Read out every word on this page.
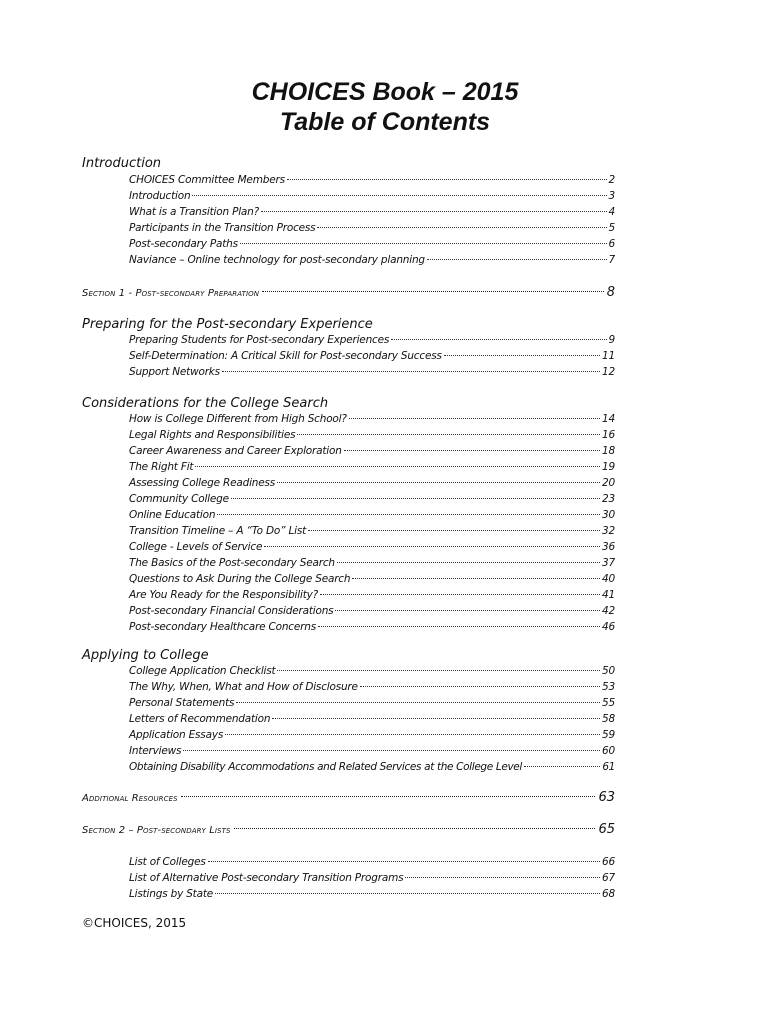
CHOICES Book – 2015
Table of Contents

Introduction

CHOICES Committee Members	2
Introduction	3
What is a Transition Plan?	4
Participants in the Transition Process	5
Post-secondary Paths	6
Naviance – Online technology for post-secondary planning	7
Section 1 - Post-secondary Preparation	8

Preparing for the Post-secondary Experience

Preparing Students for Post-secondary Experiences	9
Self-Determination: A Critical Skill for Post-secondary Success	11
Support Networks	12

Considerations for the College Search

How is College Different from High School?	14
Legal Rights and Responsibilities	16
Career Awareness and Career Exploration	18
The Right Fit	19
Assessing College Readiness	20
Community College	23
Online Education	30
Transition Timeline – A “To Do” List	32
College - Levels of Service	36
The Basics of the Post-secondary Search	37
Questions to Ask During the College Search	40
Are You Ready for the Responsibility?	41
Post-secondary Financial Considerations	42
Post-secondary Healthcare Concerns	46

Applying to College

College Application Checklist	50
The Why, When, What and How of Disclosure	53
Personal Statements	55
Letters of Recommendation	58
Application Essays	59
Interviews	60
Obtaining Disability Accommodations and Related Services at the College Level	61
Additional Resources	63
Section 2 – Post-secondary Lists	65
List of Colleges	66
List of Alternative Post-secondary Transition Programs	67
Listings by State	68

©CHOICES, 2015
